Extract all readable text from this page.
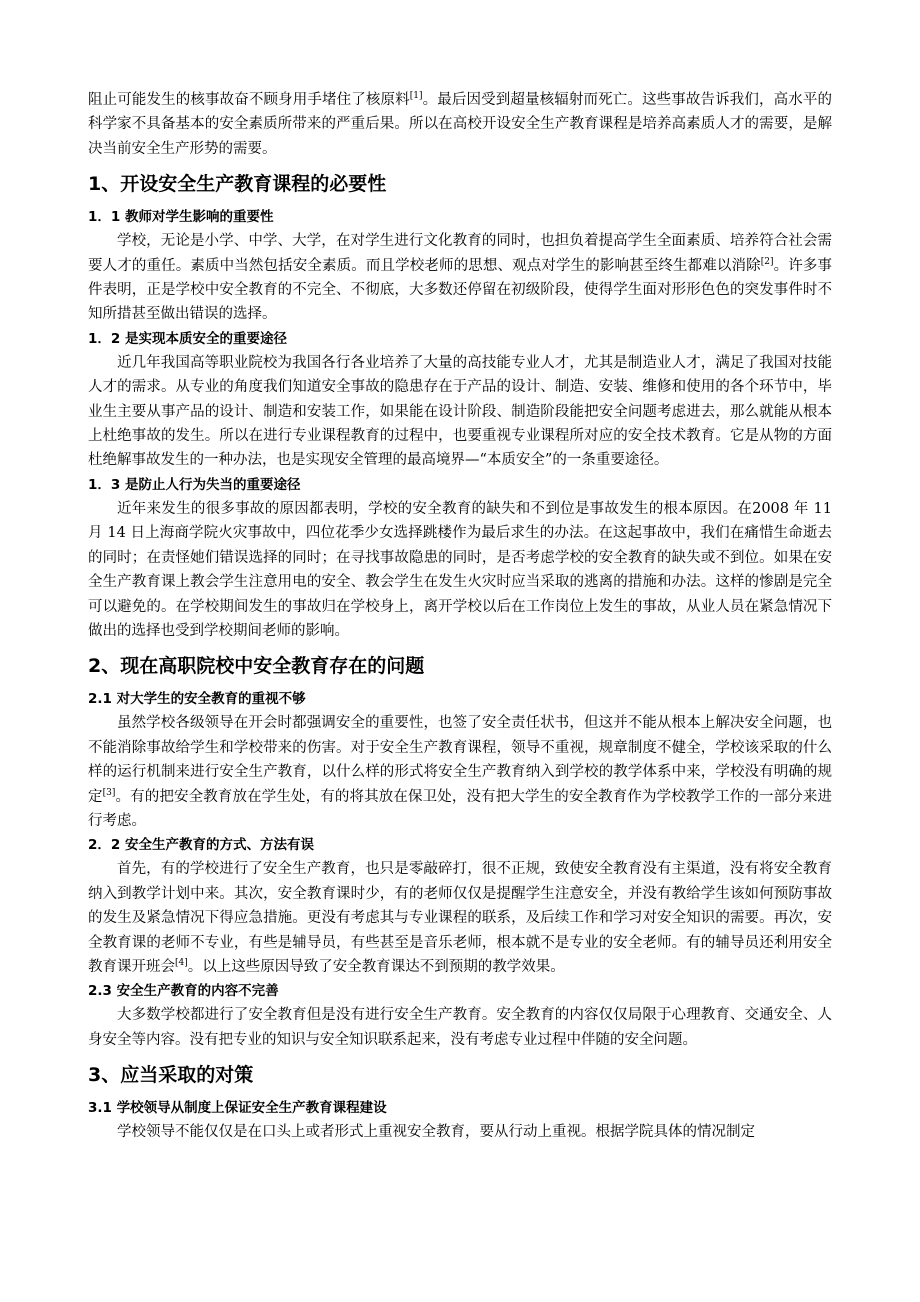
阻止可能发生的核事故奋不顾身用手堵住了核原料[1]。最后因受到超量核辐射而死亡。这些事故告诉我们，高水平的科学家不具备基本的安全素质所带来的严重后果。所以在高校开设安全生产教育课程是培养高素质人才的需要，是解决当前安全生产形势的需要。

1、开设安全生产教育课程的必要性
1．1 教师对学生影响的重要性

学校，无论是小学、中学、大学，在对学生进行文化教育的同时，也担负着提高学生全面素质、培养符合社会需要人才的重任。素质中当然包括安全素质。而且学校老师的思想、观点对学生的影响甚至终生都难以消除[2]。许多事件表明，正是学校中安全教育的不完全、不彻底，大多数还停留在初级阶段，使得学生面对形形色色的突发事件时不知所措甚至做出错误的选择。

1．2 是实现本质安全的重要途径

近几年我国高等职业院校为我国各行各业培养了大量的高技能专业人才，尤其是制造业人才，满足了我国对技能人才的需求。从专业的角度我们知道安全事故的隐患存在于产品的设计、制造、安装、维修和使用的各个环节中，毕业生主要从事产品的设计、制造和安装工作，如果能在设计阶段、制造阶段能把安全问题考虑进去，那么就能从根本上杜绝事故的发生。所以在进行专业课程教育的过程中，也要重视专业课程所对应的安全技术教育。它是从物的方面杜绝解事故发生的一种办法，也是实现安全管理的最高境界—“本质安全”的一条重要途径。

1．3 是防止人行为失当的重要途径

近年来发生的很多事故的原因都表明，学校的安全教育的缺失和不到位是事故发生的根本原因。在2008 年 11 月 14 日上海商学院火灾事故中，四位花季少女选择跳楼作为最后求生的办法。在这起事故中，我们在痛惜生命逝去的同时；在责怪她们错误选择的同时；在寻找事故隐患的同时，是否考虑学校的安全教育的缺失或不到位。如果在安全生产教育课上教会学生注意用电的安全、教会学生在发生火灾时应当采取的逃离的措施和办法。这样的惨剧是完全可以避免的。在学校期间发生的事故归在学校身上，离开学校以后在工作岗位上发生的事故，从业人员在紧急情况下做出的选择也受到学校期间老师的影响。

2、现在高职院校中安全教育存在的问题
2.1 对大学生的安全教育的重视不够

虽然学校各级领导在开会时都强调安全的重要性，也签了安全责任状书，但这并不能从根本上解决安全问题，也不能消除事故给学生和学校带来的伤害。对于安全生产教育课程，领导不重视，规章制度不健全，学校该采取的什么样的运行机制来进行安全生产教育，以什么样的形式将安全生产教育纳入到学校的教学体系中来，学校没有明确的规定[3]。有的把安全教育放在学生处，有的将其放在保卫处，没有把大学生的安全教育作为学校教学工作的一部分来进行考虑。

2．2 安全生产教育的方式、方法有误

首先，有的学校进行了安全生产教育，也只是零敲碎打，很不正规，致使安全教育没有主渠道，没有将安全教育纳入到教学计划中来。其次，安全教育课时少，有的老师仅仅是提醒学生注意安全，并没有教给学生该如何预防事故的发生及紧急情况下得应急措施。更没有考虑其与专业课程的联系，及后续工作和学习对安全知识的需要。再次，安全教育课的老师不专业，有些是辅导员，有些甚至是音乐老师，根本就不是专业的安全老师。有的辅导员还利用安全教育课开班会[4]。以上这些原因导致了安全教育课达不到预期的教学效果。

2.3 安全生产教育的内容不完善

大多数学校都进行了安全教育但是没有进行安全生产教育。安全教育的内容仅仅局限于心理教育、交通安全、人身安全等内容。没有把专业的知识与安全知识联系起来，没有考虑专业过程中伴随的安全问题。

3、应当采取的对策
3.1 学校领导从制度上保证安全生产教育课程建设

学校领导不能仅仅是在口头上或者形式上重视安全教育，要从行动上重视。根据学院具体的情况制定
